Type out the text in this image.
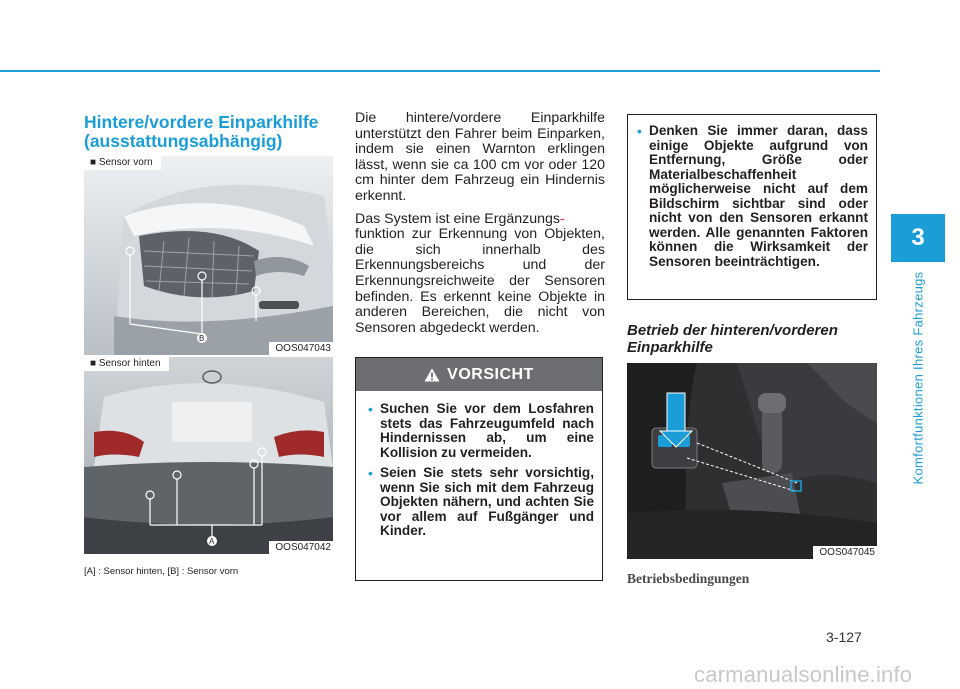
Hintere/vordere Einparkhilfe
(ausstattungsabhängig)
■ Sensor vorn
B
OOS047043
■ Sensor hinten
A
OOS047042
[A] : Sensor hinten, [B] : Sensor vorn

Die hintere/vordere Einparkhilfe unterstützt den Fahrer beim Einparken, indem sie einen Warnton erklingen lässt, wenn sie ca 100 cm vor oder 120 cm hinter dem Fahrzeug ein Hindernis erkennt.

Das System ist eine Ergänzungs-
funktion zur Erkennung von Objekten, die sich innerhalb des Erkennungsbereichs und der Erkennungsreichweite der Sensoren befinden. Es erkennt keine Objekte in anderen Bereichen, die nicht von Sensoren abgedeckt werden.

VORSICHT
• Suchen Sie vor dem Losfahren stets das Fahrzeugumfeld nach Hindernissen ab, um eine Kollision zu vermeiden.
• Seien Sie stets sehr vorsichtig, wenn Sie sich mit dem Fahrzeug Objekten nähern, und achten Sie vor allem auf Fußgänger und Kinder.
• Denken Sie immer daran, dass einige Objekte aufgrund von Entfernung, Größe oder Materialbeschaffenheit möglicherweise nicht auf dem Bildschirm sichtbar sind oder nicht von den Sensoren erkannt werden. Alle genannten Faktoren können die Wirksamkeit der Sensoren beeinträchtigen.
Betrieb der hinteren/vorderen
Einparkhilfe
OOS047045
Betriebsbedingungen
3
Komfortfunktionen Ihres Fahrzeugs
3-127
carmanualsonline.info
